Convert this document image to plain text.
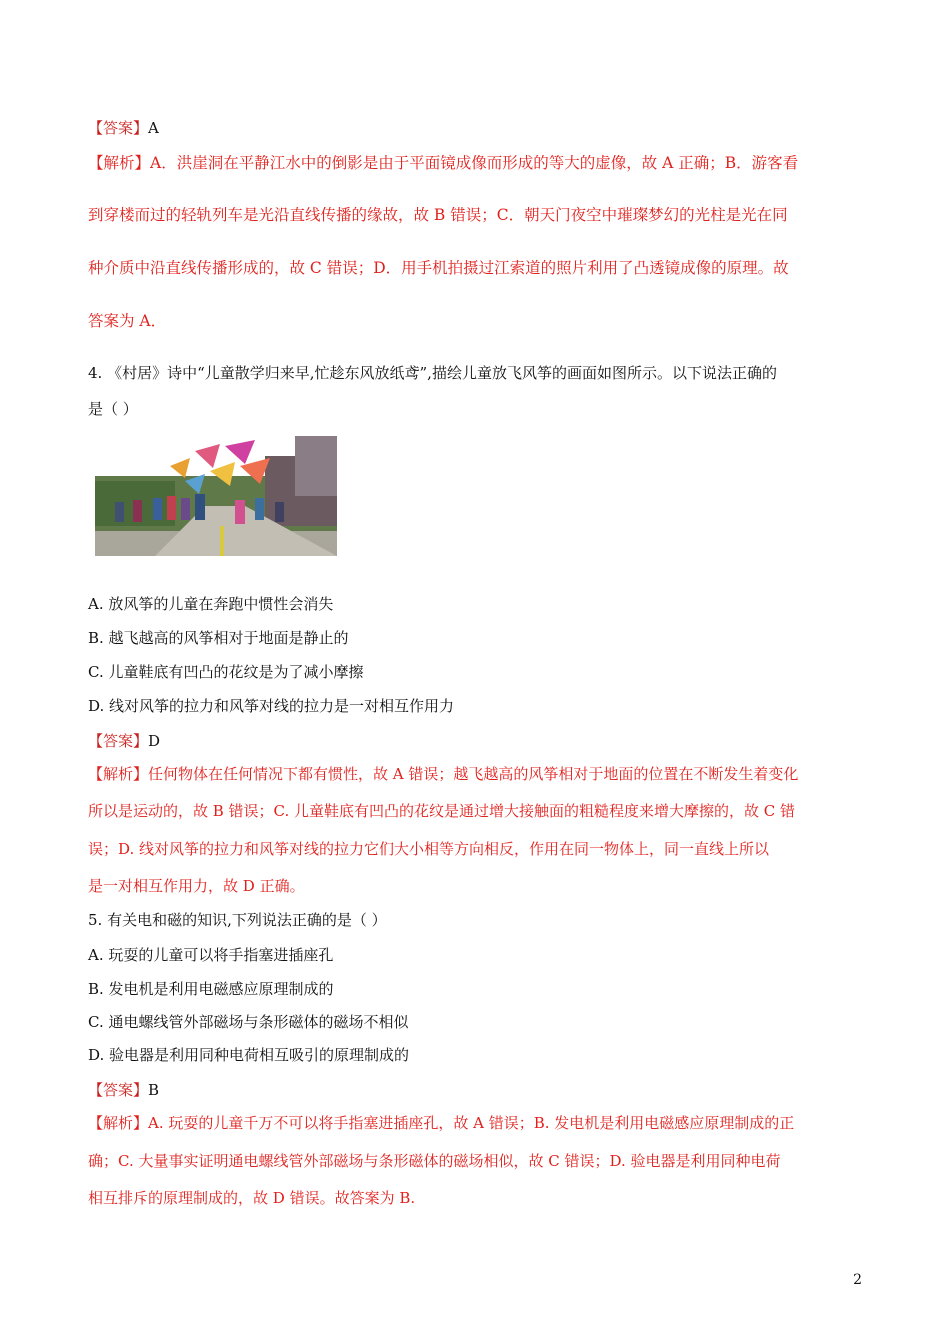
【答案】A
【解析】A．洪崖洞在平静江水中的倒影是由于平面镜成像而形成的等大的虚像，故 A 正确；B．游客看
到穿楼而过的轻轨列车是光沿直线传播的缘故，故 B 错误；C．朝天门夜空中璀璨梦幻的光柱是光在同
种介质中沿直线传播形成的，故 C 错误；D．用手机拍摄过江索道的照片利用了凸透镜成像的原理。故
答案为 A．
4. 《村居》诗中“儿童散学归来早,忙趁东风放纸鸢”,描绘儿童放飞风筝的画面如图所示。以下说法正确的
是（ ）
A. 放风筝的儿童在奔跑中惯性会消失
B. 越飞越高的风筝相对于地面是静止的
C. 儿童鞋底有凹凸的花纹是为了减小摩擦
D. 线对风筝的拉力和风筝对线的拉力是一对相互作用力
【答案】D
【解析】任何物体在任何情况下都有惯性，故 A 错误；越飞越高的风筝相对于地面的位置在不断发生着变化
所以是运动的，故 B 错误；C. 儿童鞋底有凹凸的花纹是通过增大接触面的粗糙程度来增大摩擦的，故 C 错
误；D. 线对风筝的拉力和风筝对线的拉力它们大小相等方向相反，作用在同一物体上，同一直线上所以
是一对相互作用力，故 D 正确。
5. 有关电和磁的知识,下列说法正确的是（ ）
A. 玩耍的儿童可以将手指塞进插座孔
B. 发电机是利用电磁感应原理制成的
C. 通电螺线管外部磁场与条形磁体的磁场不相似
D. 验电器是利用同种电荷相互吸引的原理制成的
【答案】B
【解析】A. 玩耍的儿童千万不可以将手指塞进插座孔，故 A 错误；B. 发电机是利用电磁感应原理制成的正
确；C. 大量事实证明通电螺线管外部磁场与条形磁体的磁场相似，故 C 错误；D. 验电器是利用同种电荷
相互排斥的原理制成的，故 D 错误。故答案为 B.
2
